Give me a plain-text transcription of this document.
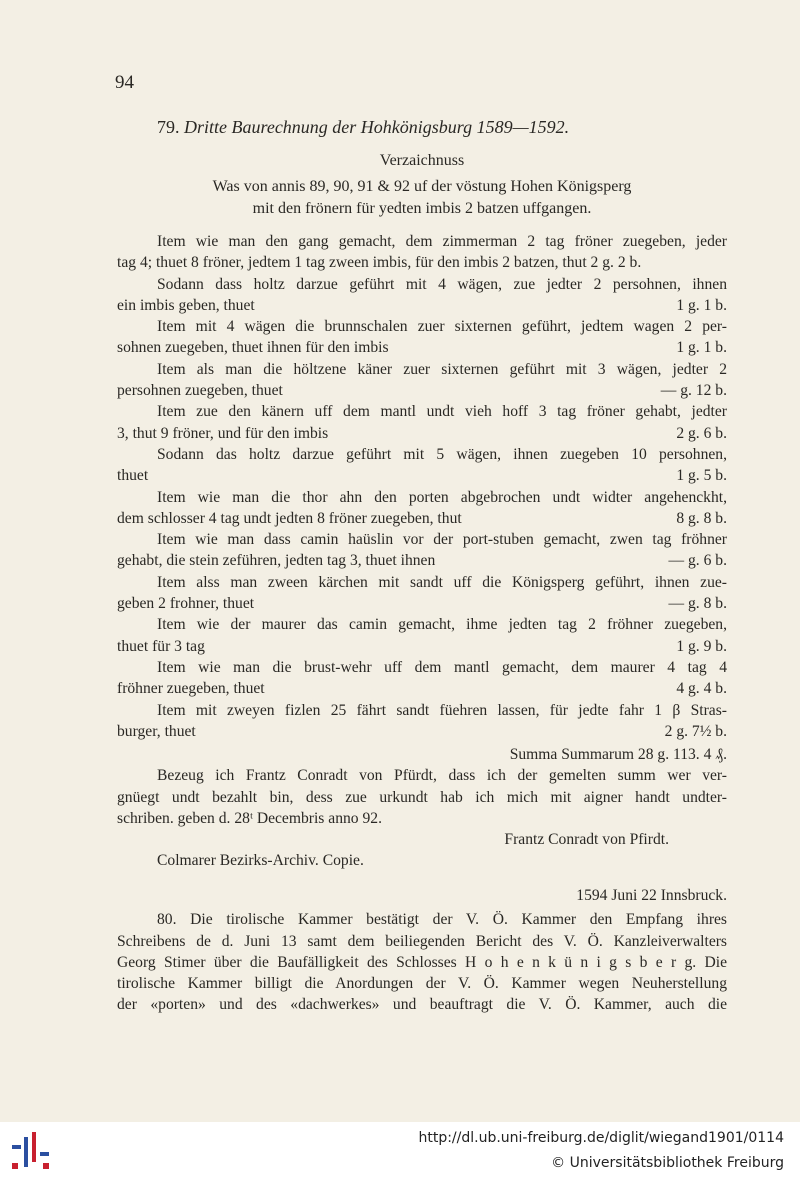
94
79. Dritte Baurechnung der Hohkönigsburg 1589—1592.
Verzaichnuss
Was von annis 89, 90, 91 & 92 uf der vöstung Hohen Königsperg
mit den frönern für yedten imbis 2 batzen uffgangen.
Item wie man den gang gemacht, dem zimmerman 2 tag fröner zuegeben, jeder
tag 4; thuet 8 fröner, jedtem 1 tag zween imbis, für den imbis 2 batzen, thut 2 g. 2 b.
Sodann dass holtz darzue geführt mit 4 wägen, zue jedter 2 persohnen, ihnen
ein imbis geben, thuet	1 g. 1 b.
Item mit 4 wägen die brunnschalen zuer sixternen geführt, jedtem wagen 2 per-
sohnen zuegeben, thuet ihnen für den imbis	1 g. 1 b.
Item als man die höltzene käner zuer sixternen geführt mit 3 wägen, jedter 2
persohnen zuegeben, thuet	— g. 12 b.
Item zue den känern uff dem mantl undt vieh hoff 3 tag fröner gehabt, jedter
3, thut 9 fröner, und für den imbis	2 g. 6 b.
Sodann das holtz darzue geführt mit 5 wägen, ihnen zuegeben 10 persohnen,
thuet	1 g. 5 b.
Item wie man die thor ahn den porten abgebrochen undt widter angehenckht,
dem schlosser 4 tag undt jedten 8 fröner zuegeben, thut	8 g. 8 b.
Item wie man dass camin haüslin vor der port-stuben gemacht, zwen tag fröhner
gehabt, die stein zeführen, jedten tag 3, thuet ihnen	— g. 6 b.
Item alss man zween kärchen mit sandt uff die Königsperg geführt, ihnen zue-
geben 2 frohner, thuet	— g. 8 b.
Item wie der maurer das camin gemacht, ihme jedten tag 2 fröhner zuegeben,
thuet für 3 tag	1 g. 9 b.
Item wie man die brust-wehr uff dem mantl gemacht, dem maurer 4 tag 4
fröhner zuegeben, thuet	4 g. 4 b.
Item mit zweyen fizlen 25 fährt sandt füehren lassen, für jedte fahr 1 β Stras-
burger, thuet	2 g. 7½ b.
Summa Summarum 28 g. 113. 4 ₰.
Bezeug ich Frantz Conradt von Pfürdt, dass ich der gemelten summ wer ver-
gnüegt undt bezahlt bin, dess zue urkundt hab ich mich mit aigner handt undter-
schriben. geben d. 28ᵗ Decembris anno 92.
Frantz Conradt von Pfirdt.
Colmarer Bezirks-Archiv. Copie.
1594 Juni 22 Innsbruck.
80. Die tirolische Kammer bestätigt der V. Ö. Kammer den Empfang ihres
Schreibens de d. Juni 13 samt dem beiliegenden Bericht des V. Ö. Kanzleiverwalters
Georg Stimer über die Baufälligkeit des Schlosses H o h e n k ü n i g s b e r g. Die
tirolische Kammer billigt die Anordungen der V. Ö. Kammer wegen Neuherstellung
der «porten» und des «dachwerkes» und beauftragt die V. Ö. Kammer, auch die
http://dl.ub.uni-freiburg.de/diglit/wiegand1901/0114
© Universitätsbibliothek Freiburg
